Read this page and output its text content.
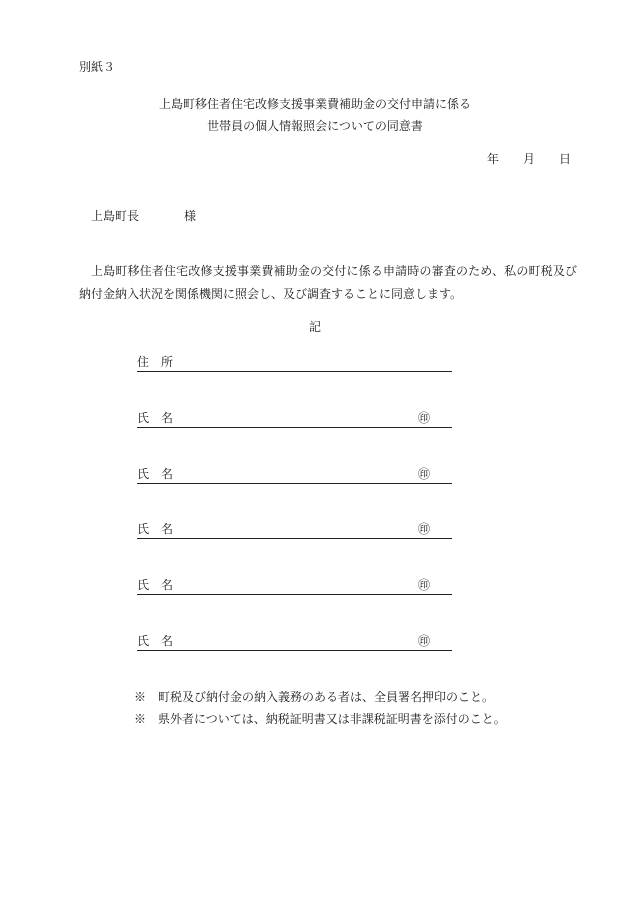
別紙３
上島町移住者住宅改修支援事業費補助金の交付申請に係る
世帯員の個人情報照会についての同意書
年 月 日
上島町長	様
上島町移住者住宅改修支援事業費補助金の交付に係る申請時の審査のため、私の町税及び納付金納入状況を関係機関に照会し、及び調査することに同意します。
記
住　所
氏　名	㊞
氏　名	㊞
氏　名	㊞
氏　名	㊞
氏　名	㊞
※　町税及び納付金の納入義務のある者は、全員署名押印のこと。
※　県外者については、納税証明書又は非課税証明書を添付のこと。
